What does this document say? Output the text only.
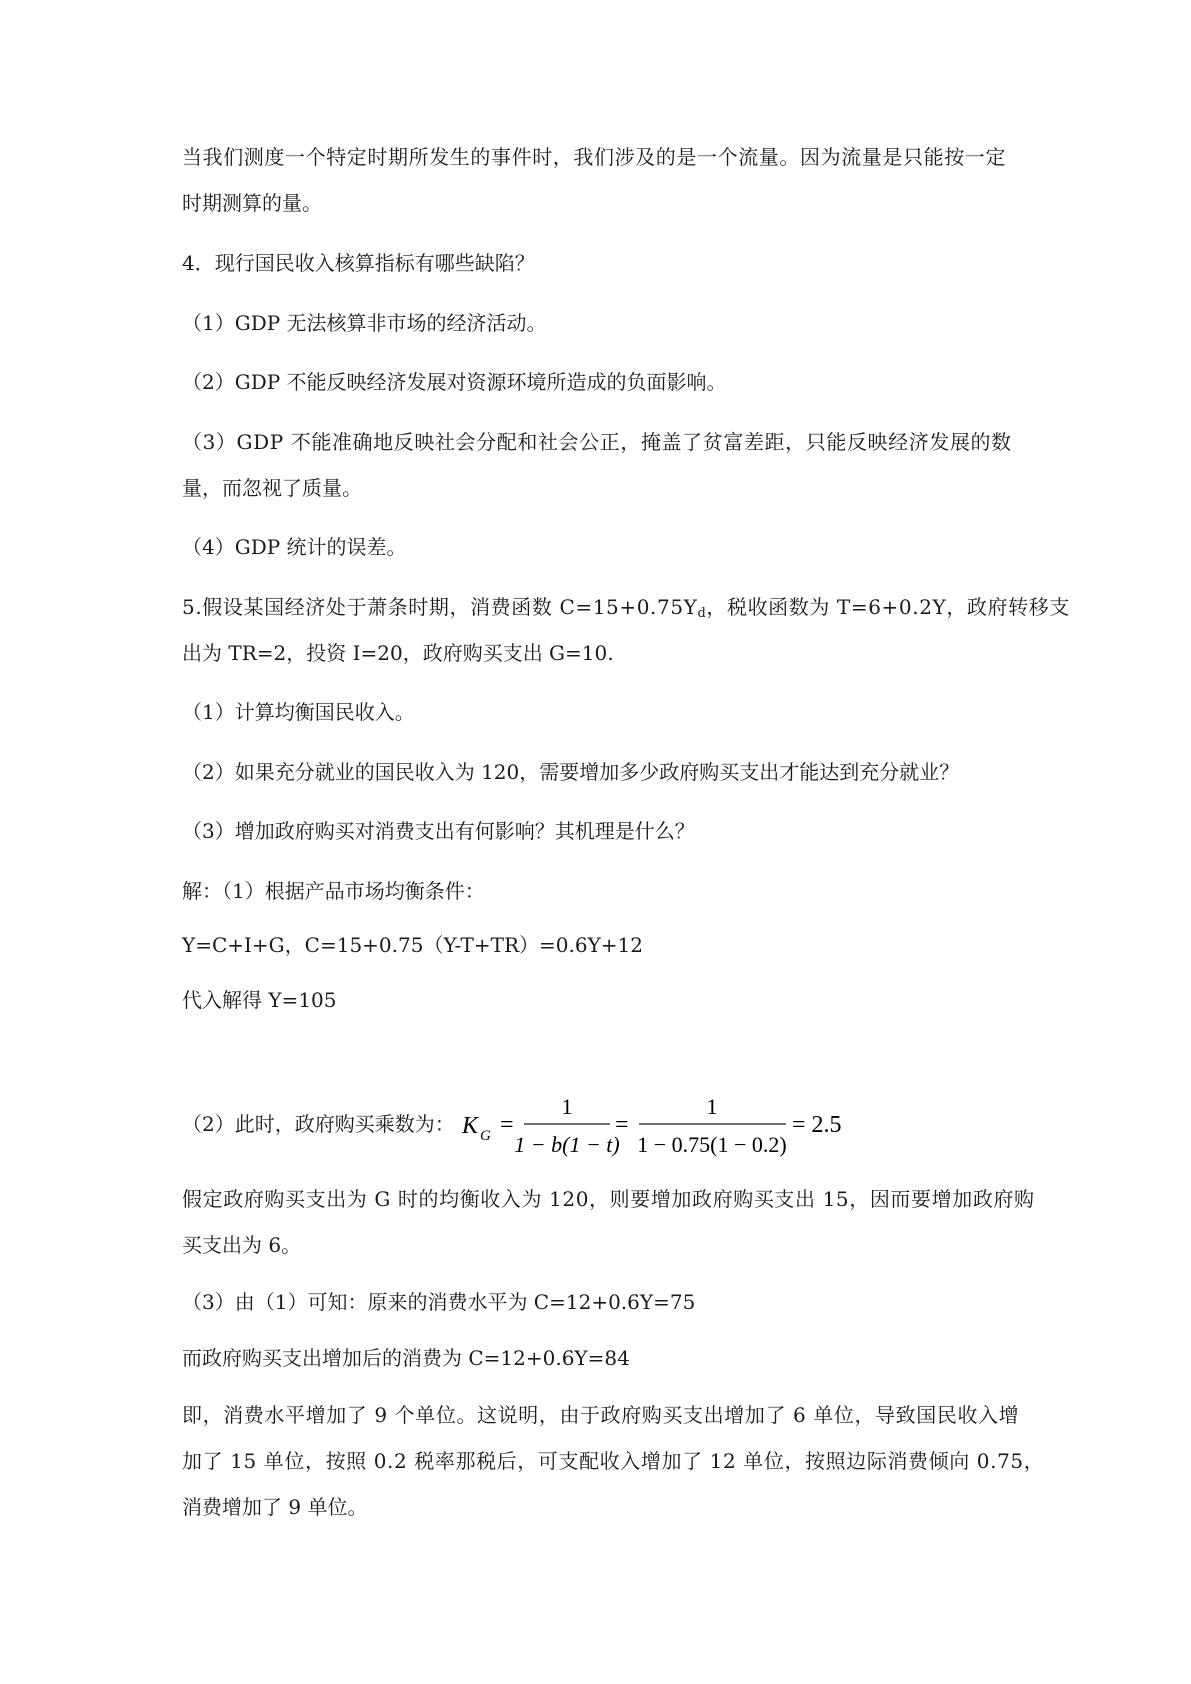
当我们测度一个特定时期所发生的事件时，我们涉及的是一个流量。因为流量是只能按一定
时期测算的量。
4．现行国民收入核算指标有哪些缺陷？
（1）GDP 无法核算非市场的经济活动。
（2）GDP 不能反映经济发展对资源环境所造成的负面影响。
（3）GDP 不能准确地反映社会分配和社会公正，掩盖了贫富差距，只能反映经济发展的数
量，而忽视了质量。
（4）GDP 统计的误差。
5.假设某国经济处于萧条时期，消费函数 $C=15+0.75Y_d$，税收函数为 T=6+0.2Y，政府转移支
出为 TR=2，投资 I=20，政府购买支出 G=10.
（1）计算均衡国民收入。
（2）如果充分就业的国民收入为 120，需要增加多少政府购买支出才能达到充分就业？
（3）增加政府购买对消费支出有何影响？其机理是什么？
解：（1）根据产品市场均衡条件：
Y=C+I+G，C=15+0.75（Y-T+TR）=0.6Y+12
代入解得 Y=105
（2）此时，政府购买乘数为： K G =
1
1 − b(1 − t)
=
1
1 − 0.75(1 − 0.2)
= 2.5
假定政府购买支出为 G 时的均衡收入为 120，则要增加政府购买支出 15，因而要增加政府购
买支出为 6。
（3）由（1）可知：原来的消费水平为 C=12+0.6Y=75
而政府购买支出增加后的消费为 C=12+0.6Y=84
即，消费水平增加了 9 个单位。这说明，由于政府购买支出增加了 6 单位，导致国民收入增
加了 15 单位，按照 0.2 税率那税后，可支配收入增加了 12 单位，按照边际消费倾向 0.75，
消费增加了 9 单位。
